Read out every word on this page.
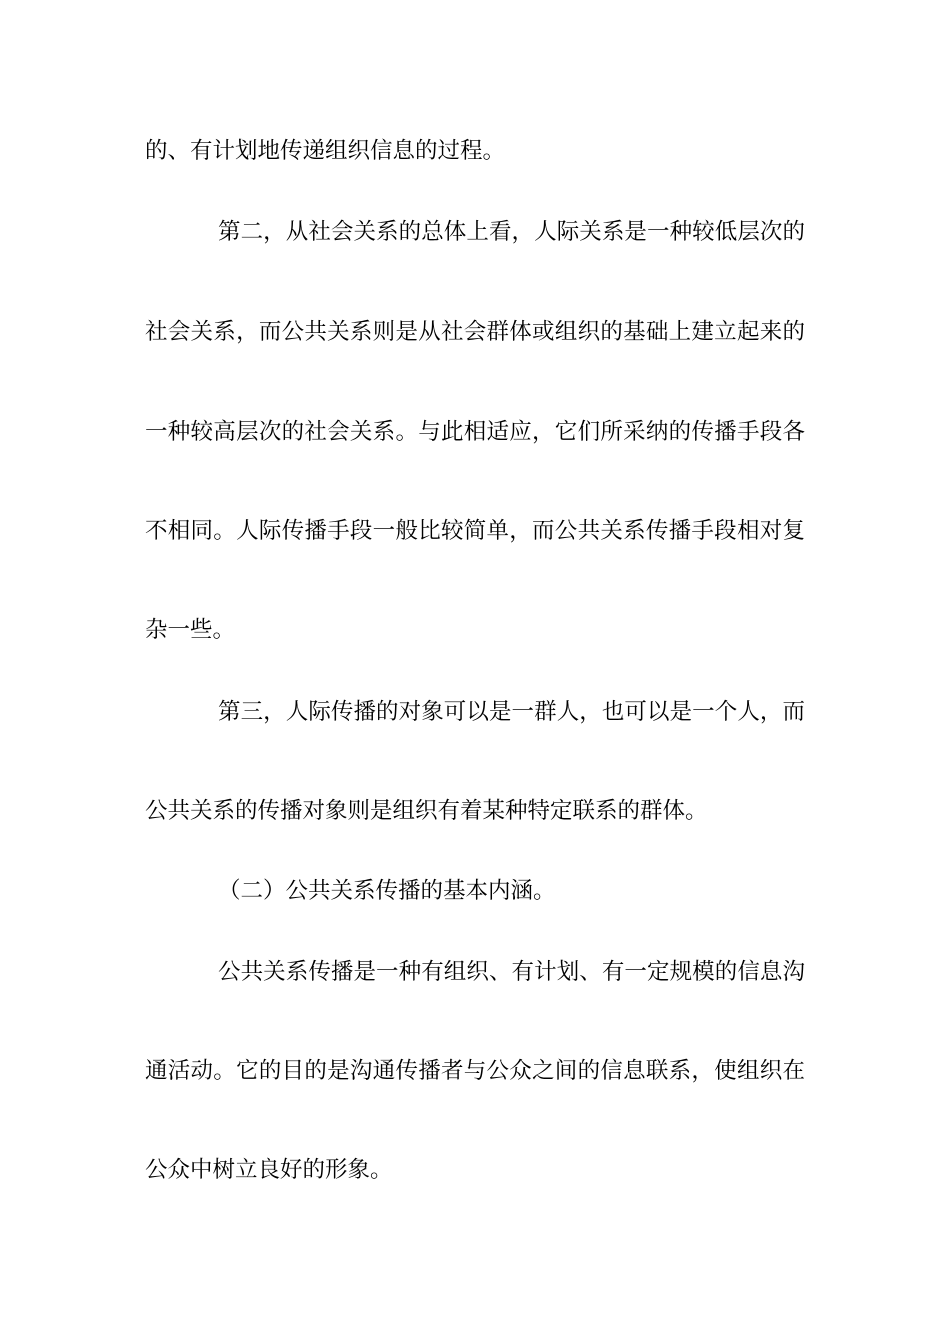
的、有计划地传递组织信息的过程。
第二，从社会关系的总体上看，人际关系是一种较低层次的
社会关系，而公共关系则是从社会群体或组织的基础上建立起来的
一种较高层次的社会关系。与此相适应，它们所采纳的传播手段各
不相同。人际传播手段一般比较简单，而公共关系传播手段相对复
杂一些。
第三，人际传播的对象可以是一群人，也可以是一个人，而
公共关系的传播对象则是组织有着某种特定联系的群体。
（二）公共关系传播的基本内涵。
公共关系传播是一种有组织、有计划、有一定规模的信息沟
通活动。它的目的是沟通传播者与公众之间的信息联系，使组织在
公众中树立良好的形象。
